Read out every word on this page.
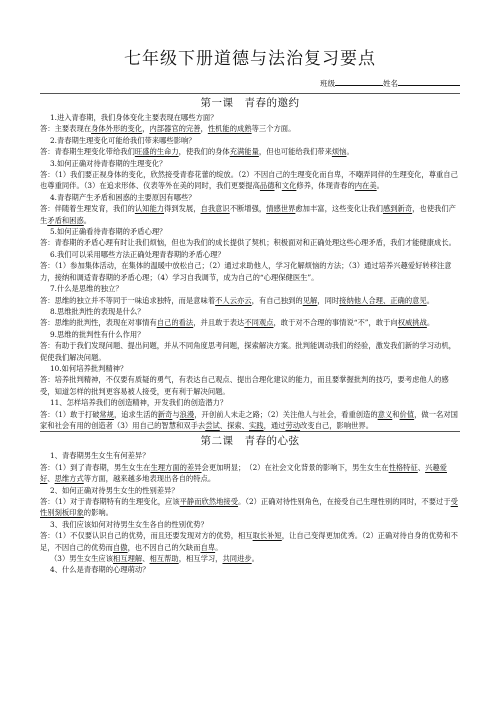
七年级下册道德与法治复习要点
班级	姓名
第一课　青春的邀约

1.进入青春期，我们身体变化主要表现在哪些方面？

答：主要表现在身体外形的变化，内部器官的完善，性机能的成熟等三个方面。

2.青春期生理变化可能给我们带来哪些影响？

答：青春期生理变化带给我们旺盛的生命力，使我们的身体充满能量，但也可能给我们带来烦恼。

3.如何正确对待青春期的生理变化？

答：（1）我们要正视身体的变化，欣然接受青春花蕾的绽放。（2）不因自己的生理变化而自卑，不嘲弄同伴的生理变化，尊重自己也尊重同伴。（3）在追求形体、仪表等外在美的同时，我们更要提高品德和文化修养，体现青春的内在美。

4.青春期产生矛盾和困惑的主要原因有哪些？

答：伴随着生理发育，我们的认知能力得到发展，自我意识不断增强，情感世界愈加丰富，这些变化让我们感到新奇，也使我们产生矛盾和困惑。

5.如何正确看待青春期的矛盾心理？

答：青春期的矛盾心理有时让我们烦恼，但也为我们的成长提供了契机；积极面对和正确处理这些心理矛盾，我们才能健康成长。

6.我们可以采用哪些方法正确处理青春期的矛盾心理？

答：（1）参加集体活动，在集体的温暖中放松自己；（2）通过求助他人，学习化解烦恼的方法；（3）通过培养兴趣爱好转移注意力，接纳和调适青春期的矛盾心理；（4）学习自我调节，成为自己的“心理保健医生”。

7.什么是思维的独立？

答：思维的独立并不等同于一味追求独特，而是意味着不人云亦云，有自己独到的见解，同时接纳他人合理、正确的意见。

8.思维批判性的表现是什么？

答：思维的批判性，表现在对事情有自己的看法，并且敢于表达不同观点，敢于对不合理的事情说“不”，敢于向权威挑战。

9.思维的批判性有什么作用？

答：有助于我们发现问题、提出问题，并从不同角度思考问题，探索解决方案。批判能调动我们的经验，激发我们新的学习动机，促使我们解决问题。

10.如何培养批判精神？

答：培养批判精神，不仅要有质疑的勇气，有表达自己观点、提出合理化建议的能力，而且要掌握批判的技巧，要考虑他人的感受，知道怎样的批判更容易被人接受，更有利于解决问题。

11、怎样培养我们的创造精神，开发我们的创造潜力？

答：（1）敢于打破常规，追求生活的新奇与浪漫，开创前人未走之路；（2）关注他人与社会，看重创造的意义和价值，做一名对国家和社会有用的创造者（3）用自己的智慧和双手去尝试、探索、实践，通过劳动改变自己，影响世界。

第二课　青春的心弦

1、青春期男生女生有何差异？

答：（1）到了青春期，男生女生在生理方面的差异会更加明显；　（2）在社会文化背景的影响下，男生女生在性格特征、兴趣爱好、思维方式等方面，越来越多地表现出各自的特点。

2、如何正确对待男生女生的性别差异？

答：（1）对于青春期特有的生理变化，应该平静而欣然地接受。（2）正确对待性别角色，在接受自己生理性别的同时，不要过于受性别刻板印象的影响。

3、我们应该如何对待男生女生各自的性别优势？

答：（1）不仅要认识自己的优势，而且还要发现对方的优势，相互取长补短，让自己变得更加优秀。（2）正确对待自身的优势和不足，不因自己的优势而自傲，也不因自己的欠缺而自卑。

（3）男生女生应该相互理解、相互帮助，相互学习，共同进步。

4、什么是青春期的心理萌动？
